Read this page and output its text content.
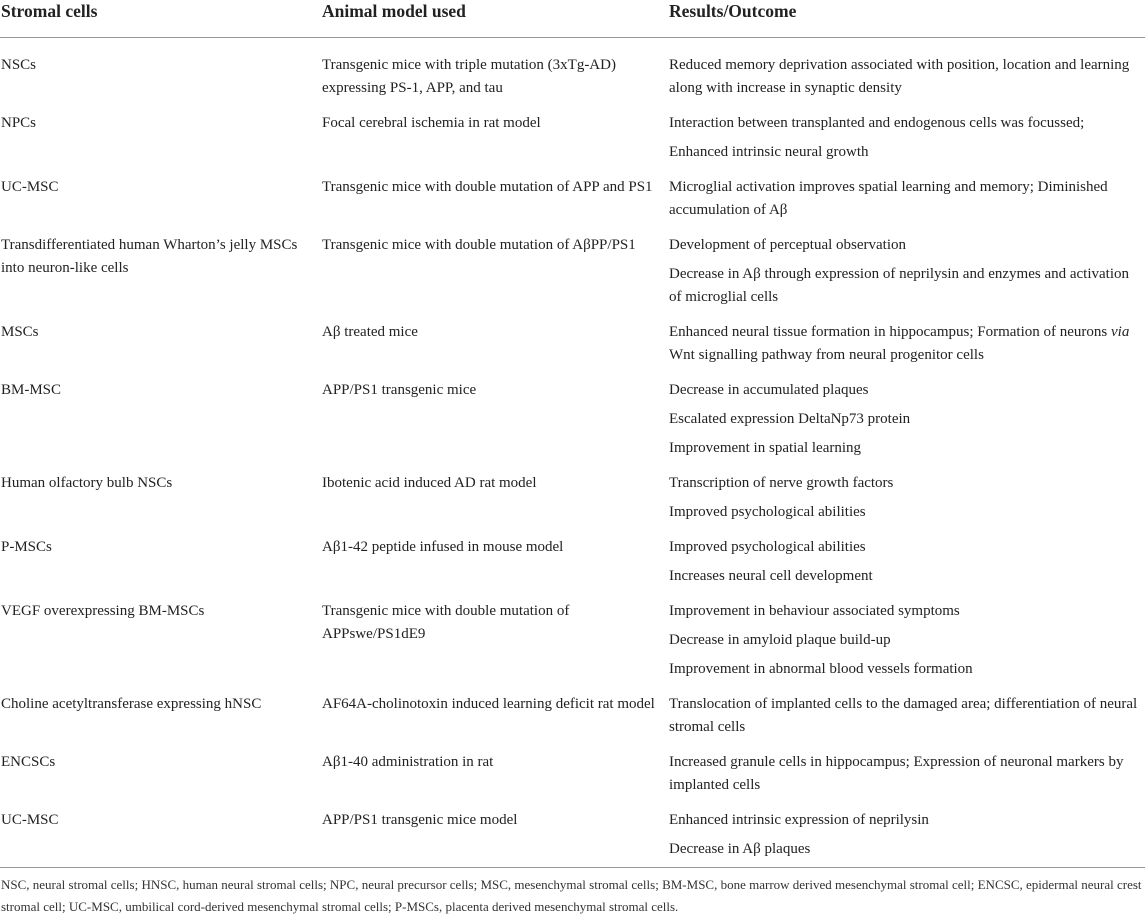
Stromal cells	Animal model used	Results/Outcome
NSCs	Transgenic mice with triple mutation (3xTg-AD) expressing PS-1, APP, and tau	Reduced memory deprivation associated with position, location and learning along with increase in synaptic density

NPCs	Focal cerebral ischemia in rat model	Interaction between transplanted and endogenous cells was focussed;
Enhanced intrinsic neural growth

UC-MSC	Transgenic mice with double mutation of APP and PS1	Microglial activation improves spatial learning and memory; Diminished accumulation of Aβ

Transdifferentiated human Wharton’s jelly MSCs into neuron-like cells	Transgenic mice with double mutation of AβPP/PS1	Development of perceptual observation
Decrease in Aβ through expression of neprilysin and enzymes and activation of microglial cells

MSCs	Aβ treated mice	Enhanced neural tissue formation in hippocampus; Formation of neurons via Wnt signalling pathway from neural progenitor cells

BM-MSC	APP/PS1 transgenic mice	Decrease in accumulated plaques
Escalated expression DeltaNp73 protein
Improvement in spatial learning

Human olfactory bulb NSCs	Ibotenic acid induced AD rat model	Transcription of nerve growth factors
Improved psychological abilities

P-MSCs	Aβ1-42 peptide infused in mouse model	Improved psychological abilities
Increases neural cell development

VEGF overexpressing BM-MSCs	Transgenic mice with double mutation of APPswe/PS1dE9	Improvement in behaviour associated symptoms
Decrease in amyloid plaque build-up
Improvement in abnormal blood vessels formation

Choline acetyltransferase expressing hNSC	AF64A-cholinotoxin induced learning deficit rat model	Translocation of implanted cells to the damaged area; differentiation of neural stromal cells

ENCSCs	Aβ1-40 administration in rat	Increased granule cells in hippocampus; Expression of neuronal markers by implanted cells

UC-MSC	APP/PS1 transgenic mice model	Enhanced intrinsic expression of neprilysin
Decrease in Aβ plaques
NSC, neural stromal cells; HNSC, human neural stromal cells; NPC, neural precursor cells; MSC, mesenchymal stromal cells; BM-MSC, bone marrow derived mesenchymal stromal cell; ENCSC, epidermal neural crest stromal cell; UC-MSC, umbilical cord-derived mesenchymal stromal cells; P-MSCs, placenta derived mesenchymal stromal cells.
